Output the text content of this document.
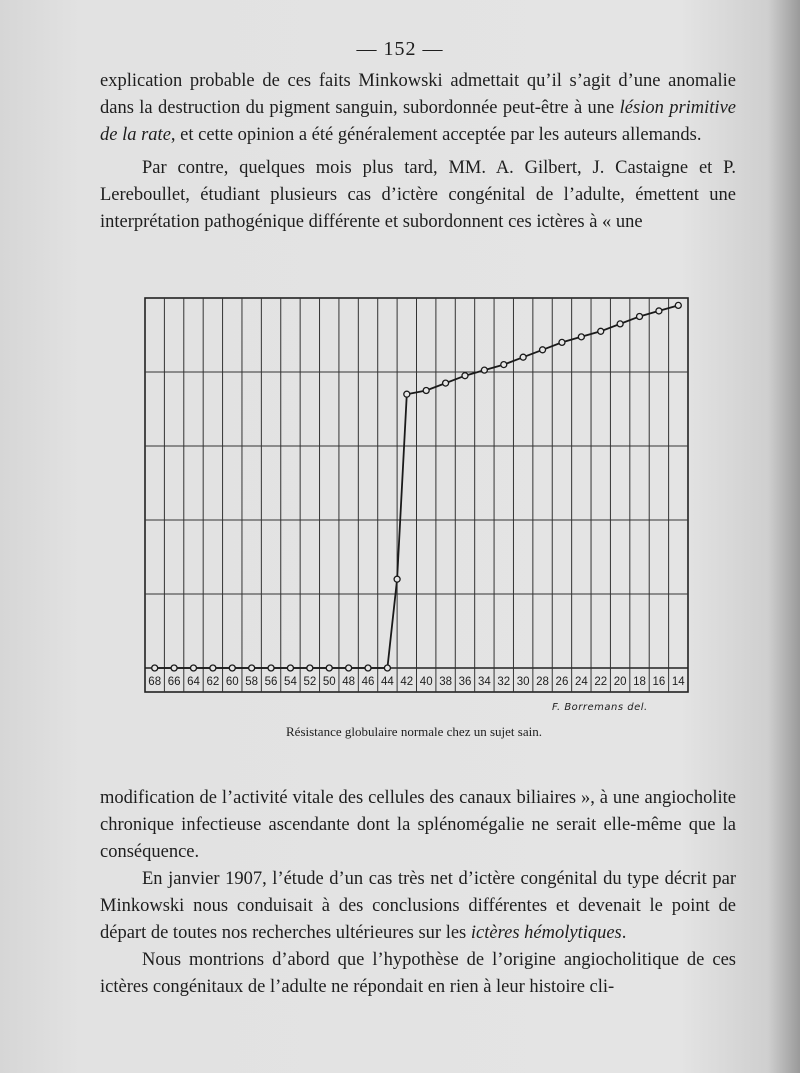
— 152 —

explication probable de ces faits Minkowski admettait qu’il s’agit d’une anomalie dans la destruction du pigment sanguin, subordonnée peut-être à une lésion primitive de la rate, et cette opinion a été généralement acceptée par les auteurs allemands.

Par contre, quelques mois plus tard, MM. A. Gilbert, J. Castaigne et P. Lereboullet, étudiant plusieurs cas d’ictère congénital de l’adulte, émettent une interprétation pathogénique différente et subordonnent ces ictères à « une

68 66 64 62 60 58 56 54 52 50 48 46 44 42 40 38 36 34 32 30 28 26 24 22 20 18 16 14
F. Borremans del.
Résistance globulaire normale chez un sujet sain.

modification de l’activité vitale des cellules des canaux biliaires », à une angiocholite chronique infectieuse ascendante dont la splénomégalie ne serait elle-même que la conséquence.

En janvier 1907, l’étude d’un cas très net d’ictère congénital du type décrit par Minkowski nous conduisait à des conclusions différentes et devenait le point de départ de toutes nos recherches ultérieures sur les ictères hémolytiques.

Nous montrions d’abord que l’hypothèse de l’origine angiocholitique de ces ictères congénitaux de l’adulte ne répondait en rien à leur histoire cli-
